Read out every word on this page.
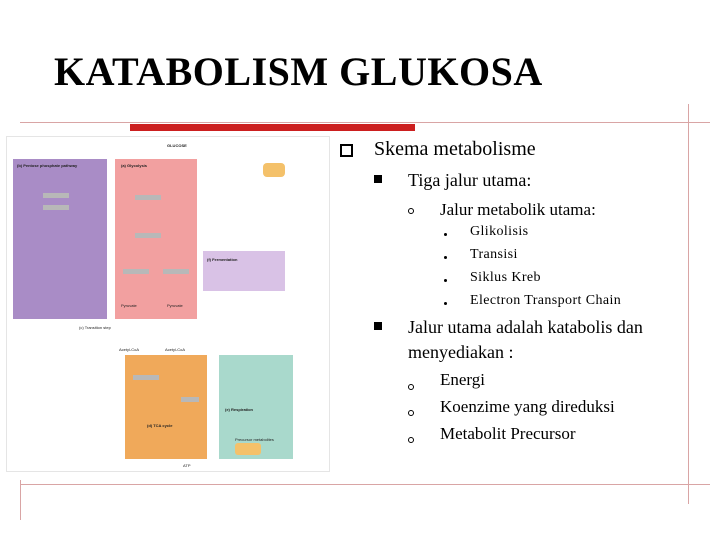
KATABOLISM GLUKOSA
GLUCOSE
(b) Pentose phosphate pathway	(a) Glycolysis
Pyruvate	Pyruvate
(f) Fermentation
(c) Transition step
Acetyl-CoA	Acetyl-CoA
(d) TCA cycle
(e) Respiration
Precursor metabolites
ATP
Skema metabolisme
Tiga jalur utama:
Jalur metabolik utama:
Glikolisis
Transisi
Siklus Kreb
Electron Transport Chain
Jalur utama adalah katabolis dan
menyediakan :
Energi
Koenzime yang direduksi
Metabolit Precursor
